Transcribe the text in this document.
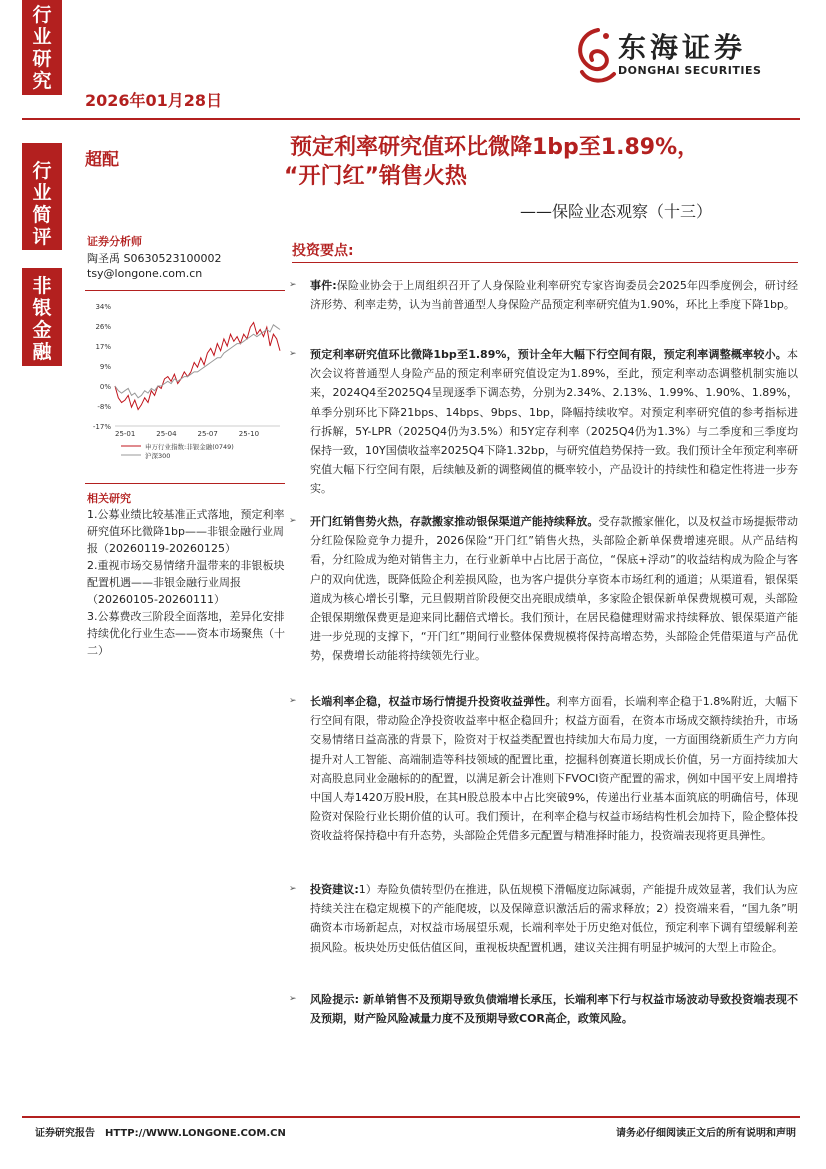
行
业
研
究
行
业
简
评
非
银
金
融
2026年01月28日
东海证券
DONGHAI SECURITIES
超配	预定利率研究值环比微降1bp至1.89%，
“开门红”销售火热
——保险业态观察（十三）
证券分析师
陶圣禹 S0630523100002
tsy@longone.com.cn
34%
26%
17%
9%
0%
-8%
-17%
25-01	25-04	25-07	25-10
申万行业指数:非银金融(0749)
沪深300
相关研究
1.公募业绩比较基准正式落地，预定利率研究值环比微降1bp——非银金融行业周报（20260119-20260125）
2.重视市场交易情绪升温带来的非银板块配置机遇——非银金融行业周报（20260105-20260111）
3.公募费改三阶段全面落地，差异化安排持续优化行业生态——资本市场聚焦（十二）
投资要点:
➢ 事件:保险业协会于上周组织召开了人身保险业利率研究专家咨询委员会2025年四季度例会，研讨经济形势、利率走势，认为当前普通型人身保险产品预定利率研究值为1.90%，环比上季度下降1bp。

➢ 预定利率研究值环比微降1bp至1.89%，预计全年大幅下行空间有限，预定利率调整概率较小。本次会议将普通型人身险产品的预定利率研究值设定为1.89%，至此，预定利率动态调整机制实施以来，2024Q4至2025Q4呈现逐季下调态势，分别为2.34%、2.13%、1.99%、1.90%、1.89%，单季分别环比下降21bps、14bps、9bps、1bp，降幅持续收窄。对预定利率研究值的参考指标进行拆解，5Y-LPR（2025Q4仍为3.5%）和5Y定存利率（2025Q4仍为1.3%）与二季度和三季度均保持一致，10Y国债收益率2025Q4下降1.32bp，与研究值趋势保持一致。我们预计全年预定利率研究值大幅下行空间有限，后续触及新的调整阈值的概率较小，产品设计的持续性和稳定性将进一步夯实。

➢ 开门红销售势火热，存款搬家推动银保渠道产能持续释放。受存款搬家催化，以及权益市场提振带动分红险保险竞争力提升，2026保险“开门红”销售火热，头部险企新单保费增速亮眼。从产品结构看，分红险成为绝对销售主力，在行业新单中占比居于高位，“保底+浮动”的收益结构成为险企与客户的双向优选，既降低险企利差损风险，也为客户提供分享资本市场红利的通道；从渠道看，银保渠道成为核心增长引擎，元旦假期首阶段便交出亮眼成绩单，多家险企银保新单保费规模可观，头部险企银保期缴保费更是迎来同比翻倍式增长。我们预计，在居民稳健理财需求持续释放、银保渠道产能进一步兑现的支撑下，“开门红”期间行业整体保费规模将保持高增态势，头部险企凭借渠道与产品优势，保费增长动能将持续领先行业。

➢ 长端利率企稳，权益市场行情提升投资收益弹性。利率方面看，长端利率企稳于1.8%附近，大幅下行空间有限，带动险企净投资收益率中枢企稳回升；权益方面看，在资本市场成交额持续抬升，市场交易情绪日益高涨的背景下，险资对于权益类配置也持续加大布局力度，一方面围绕新质生产力方向提升对人工智能、高端制造等科技领域的配置比重，挖掘科创赛道长期成长价值，另一方面持续加大对高股息同业金融标的的配置，以满足新会计准则下FVOCI资产配置的需求，例如中国平安上周增持中国人寿1420万股H股，在其H股总股本中占比突破9%，传递出行业基本面筑底的明确信号，体现险资对保险行业长期价值的认可。我们预计，在利率企稳与权益市场结构性机会加持下，险企整体投资收益将保持稳中有升态势，头部险企凭借多元配置与精准择时能力，投资端表现将更具弹性。

➢ 投资建议:1）寿险负债转型仍在推进，队伍规模下滑幅度边际减弱，产能提升成效显著，我们认为应持续关注在稳定规模下的产能爬坡，以及保障意识激活后的需求释放；2）投资端来看，“国九条”明确资本市场新起点，对权益市场展望乐观，长端利率处于历史绝对低位，预定利率下调有望缓解利差损风险。板块处历史低估值区间，重视板块配置机遇，建议关注拥有明显护城河的大型上市险企。

➢ 风险提示: 新单销售不及预期导致负债端增长承压，长端利率下行与权益市场波动导致投资端表现不及预期，财产险风险减量力度不及预期导致COR高企，政策风险。

证券研究报告　HTTP://WWW.LONGONE.COM.CN	请务必仔细阅读正文后的所有说明和声明
